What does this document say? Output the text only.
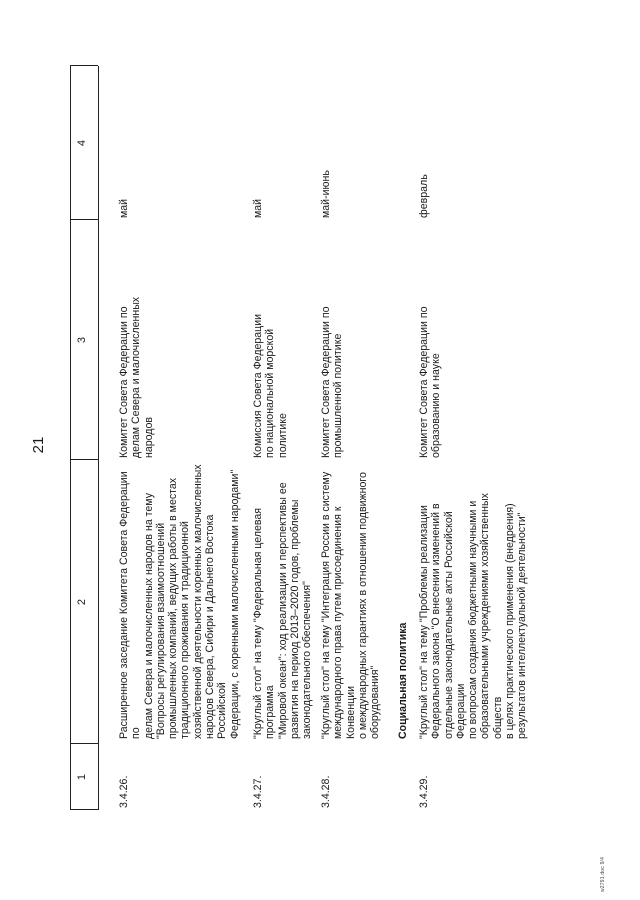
21
1
2
3
4
3.4.26.
Расширенное заседание Комитета Совета Федерации по
делам Севера и малочисленных народов на тему
"Вопросы регулирования взаимоотношений
промышленных компаний, ведущих работы в местах
традиционного проживания и традиционной
хозяйственной деятельности коренных малочисленных
народов Севера, Сибири и Дальнего Востока Российской
Федерации, с коренными малочисленными народами"
Комитет Совета Федерации по
делам Севера и малочисленных
народов
май
3.4.27.
"Круглый стол" на тему "Федеральная целевая программа
"Мировой океан": ход реализации и перспективы ее
развития на период 2013–2020 годов, проблемы
законодательного обеспечения"
Комиссия Совета Федерации
по национальной морской
политике
май
3.4.28.
"Круглый стол" на тему "Интеграция России в систему
международного права путем присоединения к Конвенции
о международных гарантиях в отношении подвижного
оборудования"
Комитет Совета Федерации по
промышленной политике
май-июнь
Социальная политика
3.4.29.
"Круглый стол" на тему "Проблемы реализации
Федерального закона "О внесении изменений в
отдельные законодательные акты Российской Федерации
по вопросам создания бюджетными научными и
образовательными учреждениями хозяйственных обществ
в целях практического применения (внедрения)
результатов интеллектуальной деятельности"
Комитет Совета Федерации по
образованию и науке
февраль
w2791.doc 9/4
